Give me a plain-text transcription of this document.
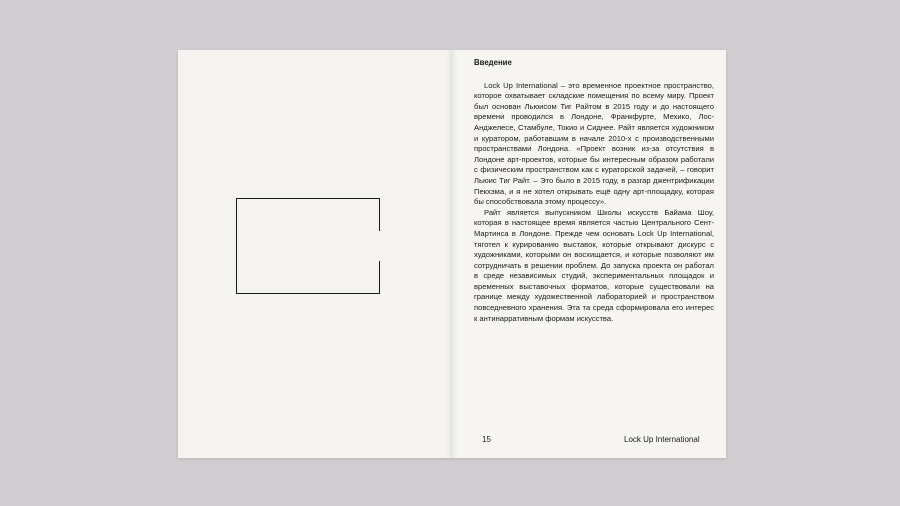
Введение

Lock Up International – это временное проектное пространство, которое охватывает складские помещения по всему миру. Проект был основан Льюисом Тиг Райтом в 2015 году и до настоящего времени проводился в Лондоне, Франкфурте, Мехико, Лос-Анджелесе, Стамбуле, Токио и Сиднее. Райт является художником и куратором, работавшим в начале 2010-х с производственными пространствами Лондона. «Проект возник из-за отсутствия в Лондоне арт-проектов, которые бы интересным образом работали с физическим пространством как с кураторской задачей, – говорит Льюис Тиг Райт. – Это было в 2015 году, в разгар джентрификации Пекхэма, и я не хотел открывать ещё одну арт-площадку, которая бы способствовала этому процессу».

Райт является выпускником Школы искусств Байама Шоу, которая в настоящее время является частью Центрального Сент-Мартинса в Лондоне. Прежде чем основать Lock Up International, тяготел к курированию выставок, которые открывают дискурс с художниками, которыми он восхищается, и которые позволяют им сотрудничать в решении проблем. До запуска проекта он работал в среде независимых студий, экспериментальных площадок и временных выставочных форматов, которые существовали на границе между художественной лабораторией и пространством повседневного хранения. Эта та среда сформировала его интерес к антинарративным формам искусства.

15	Lock Up International
